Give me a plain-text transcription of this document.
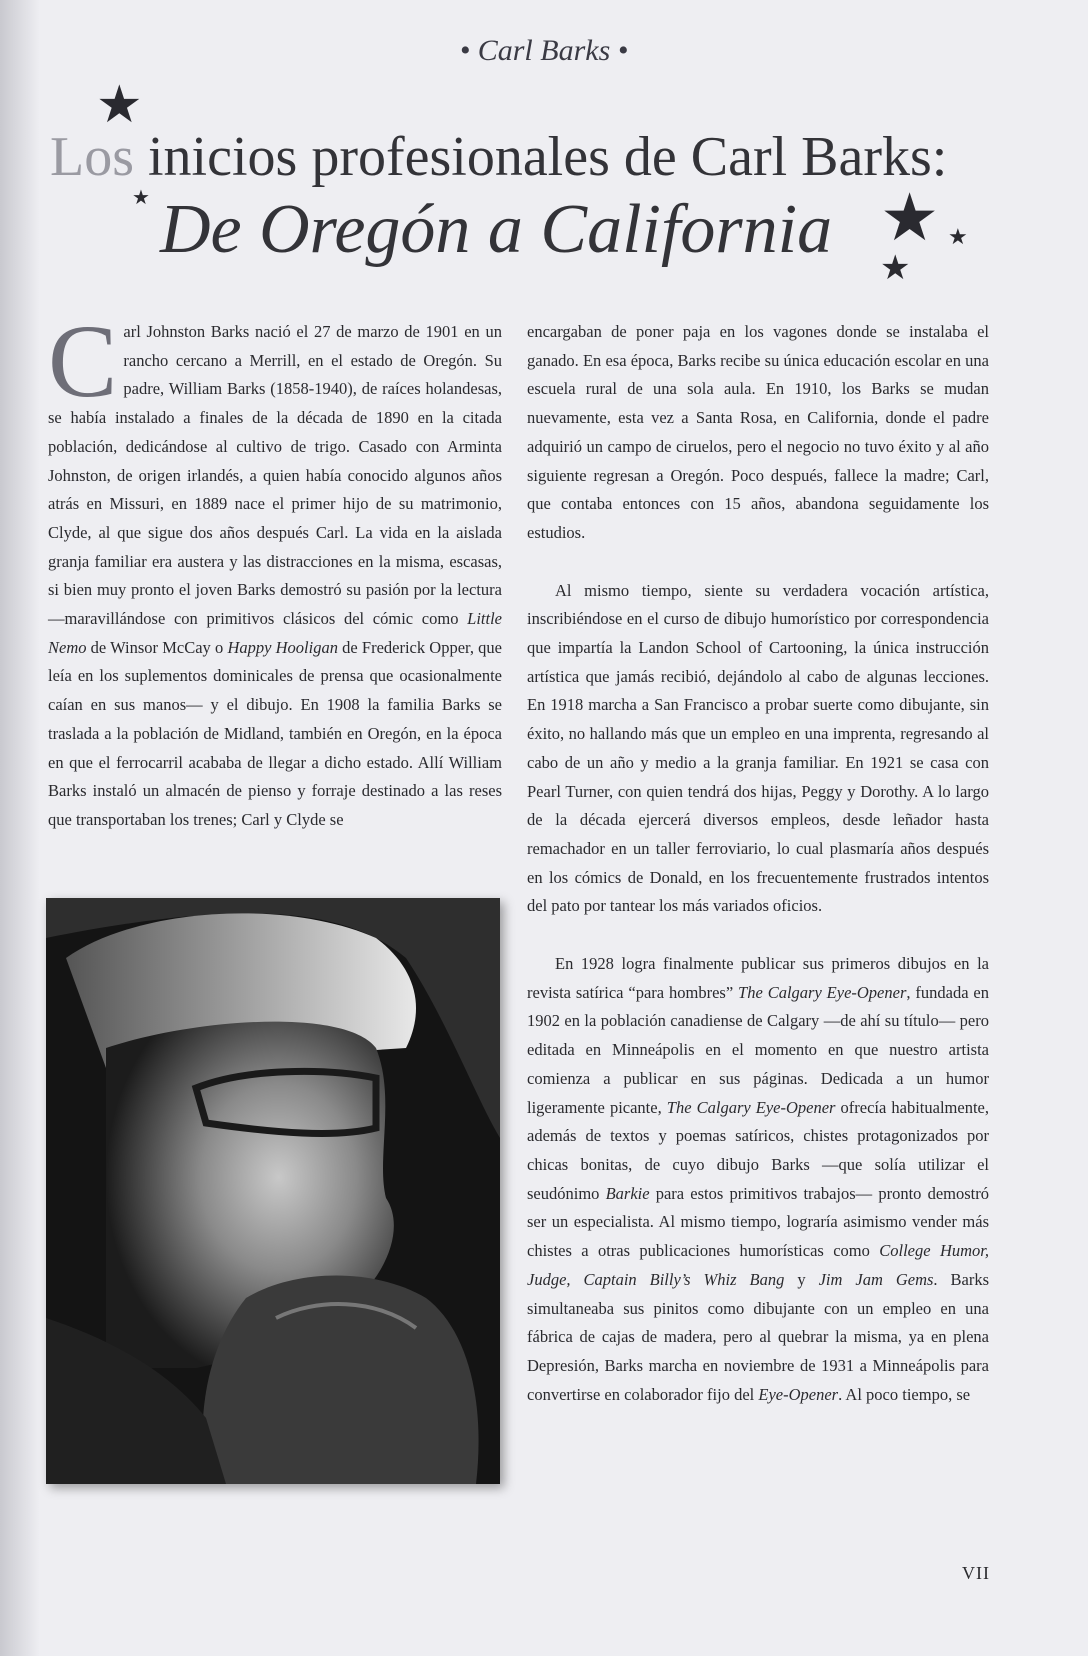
• Carl Barks •
★
★	★ ★
★
Los inicios profesionales de Carl Barks:
De Oregón a California

Carl Johnston Barks nació el 27 de marzo de 1901 en un rancho cercano a Merrill, en el estado de Oregón. Su padre, William Barks (1858-1940), de raíces holandesas, se había instalado a finales de la década de 1890 en la citada población, dedicándose al cultivo de trigo. Casado con Arminta Johnston, de origen irlandés, a quien había conocido algunos años atrás en Missuri, en 1889 nace el primer hijo de su matrimonio, Clyde, al que sigue dos años después Carl. La vida en la aislada granja familiar era austera y las distracciones en la misma, escasas, si bien muy pronto el joven Barks demostró su pasión por la lectura —maravillándose con primitivos clásicos del cómic como Little Nemo de Winsor McCay o Happy Hooligan de Frederick Opper, que leía en los suplementos dominicales de prensa que ocasionalmente caían en sus manos— y el dibujo. En 1908 la familia Barks se traslada a la población de Midland, también en Oregón, en la época en que el ferrocarril acababa de llegar a dicho estado. Allí William Barks instaló un almacén de pienso y forraje destinado a las reses que transportaban los trenes; Carl y Clyde se

encargaban de poner paja en los vagones donde se instalaba el ganado. En esa época, Barks recibe su única educación escolar en una escuela rural de una sola aula. En 1910, los Barks se mudan nuevamente, esta vez a Santa Rosa, en California, donde el padre adquirió un campo de ciruelos, pero el negocio no tuvo éxito y al año siguiente regresan a Oregón. Poco después, fallece la madre; Carl, que contaba entonces con 15 años, abandona seguidamente los estudios.

Al mismo tiempo, siente su verdadera vocación artística, inscribiéndose en el curso de dibujo humorístico por correspondencia que impartía la Landon School of Cartooning, la única instrucción artística que jamás recibió, dejándolo al cabo de algunas lecciones. En 1918 marcha a San Francisco a probar suerte como dibujante, sin éxito, no hallando más que un empleo en una imprenta, regresando al cabo de un año y medio a la granja familiar. En 1921 se casa con Pearl Turner, con quien tendrá dos hijas, Peggy y Dorothy. A lo largo de la década ejercerá diversos empleos, desde leñador hasta remachador en un taller ferroviario, lo cual plasmaría años después en los cómics de Donald, en los frecuentemente frustrados intentos del pato por tantear los más variados oficios.

En 1928 logra finalmente publicar sus primeros dibujos en la revista satírica “para hombres” The Calgary Eye-Opener, fundada en 1902 en la población canadiense de Calgary —de ahí su título— pero editada en Minneápolis en el momento en que nuestro artista comienza a publicar en sus páginas. Dedicada a un humor ligeramente picante, The Calgary Eye-Opener ofrecía habitualmente, además de textos y poemas satíricos, chistes protagonizados por chicas bonitas, de cuyo dibujo Barks —que solía utilizar el seudónimo Barkie para estos primitivos trabajos— pronto demostró ser un especialista. Al mismo tiempo, lograría asimismo vender más chistes a otras publicaciones humorísticas como College Humor, Judge, Captain Billy’s Whiz Bang y Jim Jam Gems. Barks simultaneaba sus pinitos como dibujante con un empleo en una fábrica de cajas de madera, pero al quebrar la misma, ya en plena Depresión, Barks marcha en noviembre de 1931 a Minneápolis para convertirse en colaborador fijo del Eye-Opener. Al poco tiempo, se

VII
